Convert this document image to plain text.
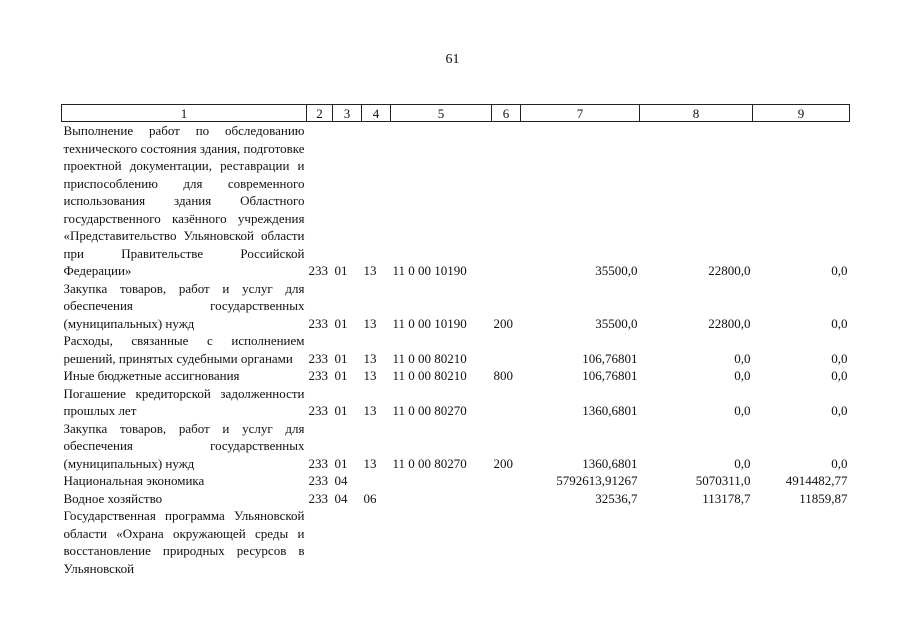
61
1	2	3	4	5	6	7	8	9
Выполнение работ по обследованию технического состояния здания, подготовке проектной документации, реставрации и приспособлению для современного использования здания Областного государственного казённого учреждения «Представительство Ульяновской области при Правительстве Российской Федерации»	233	01	13	11 0 00 10190		35500,0	22800,0	0,0
Закупка товаров, работ и услуг для обеспечения государственных (муниципальных) нужд	233	01	13	11 0 00 10190	200	35500,0	22800,0	0,0
Расходы, связанные с исполнением решений, принятых судебными органами	233	01	13	11 0 00 80210		106,76801	0,0	0,0
Иные бюджетные ассигнования	233	01	13	11 0 00 80210	800	106,76801	0,0	0,0
Погашение кредиторской задолженности прошлых лет	233	01	13	11 0 00 80270		1360,6801	0,0	0,0
Закупка товаров, работ и услуг для обеспечения государственных (муниципальных) нужд	233	01	13	11 0 00 80270	200	1360,6801	0,0	0,0
Национальная экономика	233	04				5792613,91267	5070311,0	4914482,77
Водное хозяйство	233	04	06			32536,7	113178,7	11859,87
Государственная программа Ульяновской области «Охрана окружающей среды и восстановление природных ресурсов в Ульяновской								
